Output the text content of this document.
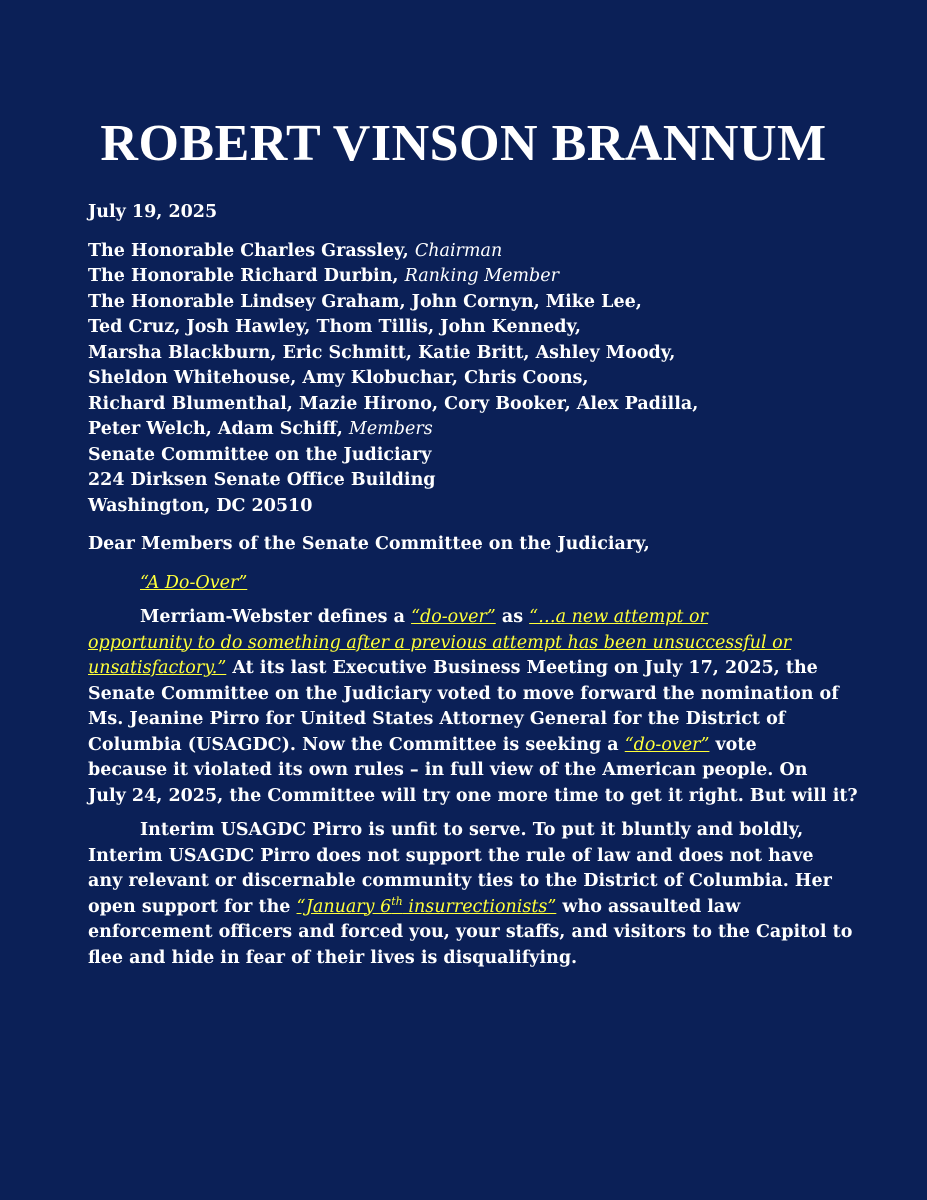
ROBERT VINSON BRANNUM
July 19, 2025
The Honorable Charles Grassley, Chairman
The Honorable Richard Durbin, Ranking Member
The Honorable Lindsey Graham, John Cornyn, Mike Lee,
Ted Cruz, Josh Hawley, Thom Tillis, John Kennedy,
Marsha Blackburn, Eric Schmitt, Katie Britt, Ashley Moody,
Sheldon Whitehouse, Amy Klobuchar, Chris Coons,
Richard Blumenthal, Mazie Hirono, Cory Booker, Alex Padilla,
Peter Welch, Adam Schiff, Members
Senate Committee on the Judiciary
224 Dirksen Senate Office Building
Washington, DC 20510
Dear Members of the Senate Committee on the Judiciary,
“A Do-Over”
Merriam-Webster defines a “do-over” as “…a new attempt or
opportunity to do something after a previous attempt has been unsuccessful or
unsatisfactory.” At its last Executive Business Meeting on July 17, 2025, the
Senate Committee on the Judiciary voted to move forward the nomination of
Ms. Jeanine Pirro for United States Attorney General for the District of
Columbia (USAGDC). Now the Committee is seeking a “do-over” vote
because it violated its own rules – in full view of the American people. On
July 24, 2025, the Committee will try one more time to get it right. But will it?
Interim USAGDC Pirro is unfit to serve. To put it bluntly and boldly,
Interim USAGDC Pirro does not support the rule of law and does not have
any relevant or discernable community ties to the District of Columbia. Her
open support for the “January 6th insurrectionists” who assaulted law
enforcement officers and forced you, your staffs, and visitors to the Capitol to
flee and hide in fear of their lives is disqualifying.
